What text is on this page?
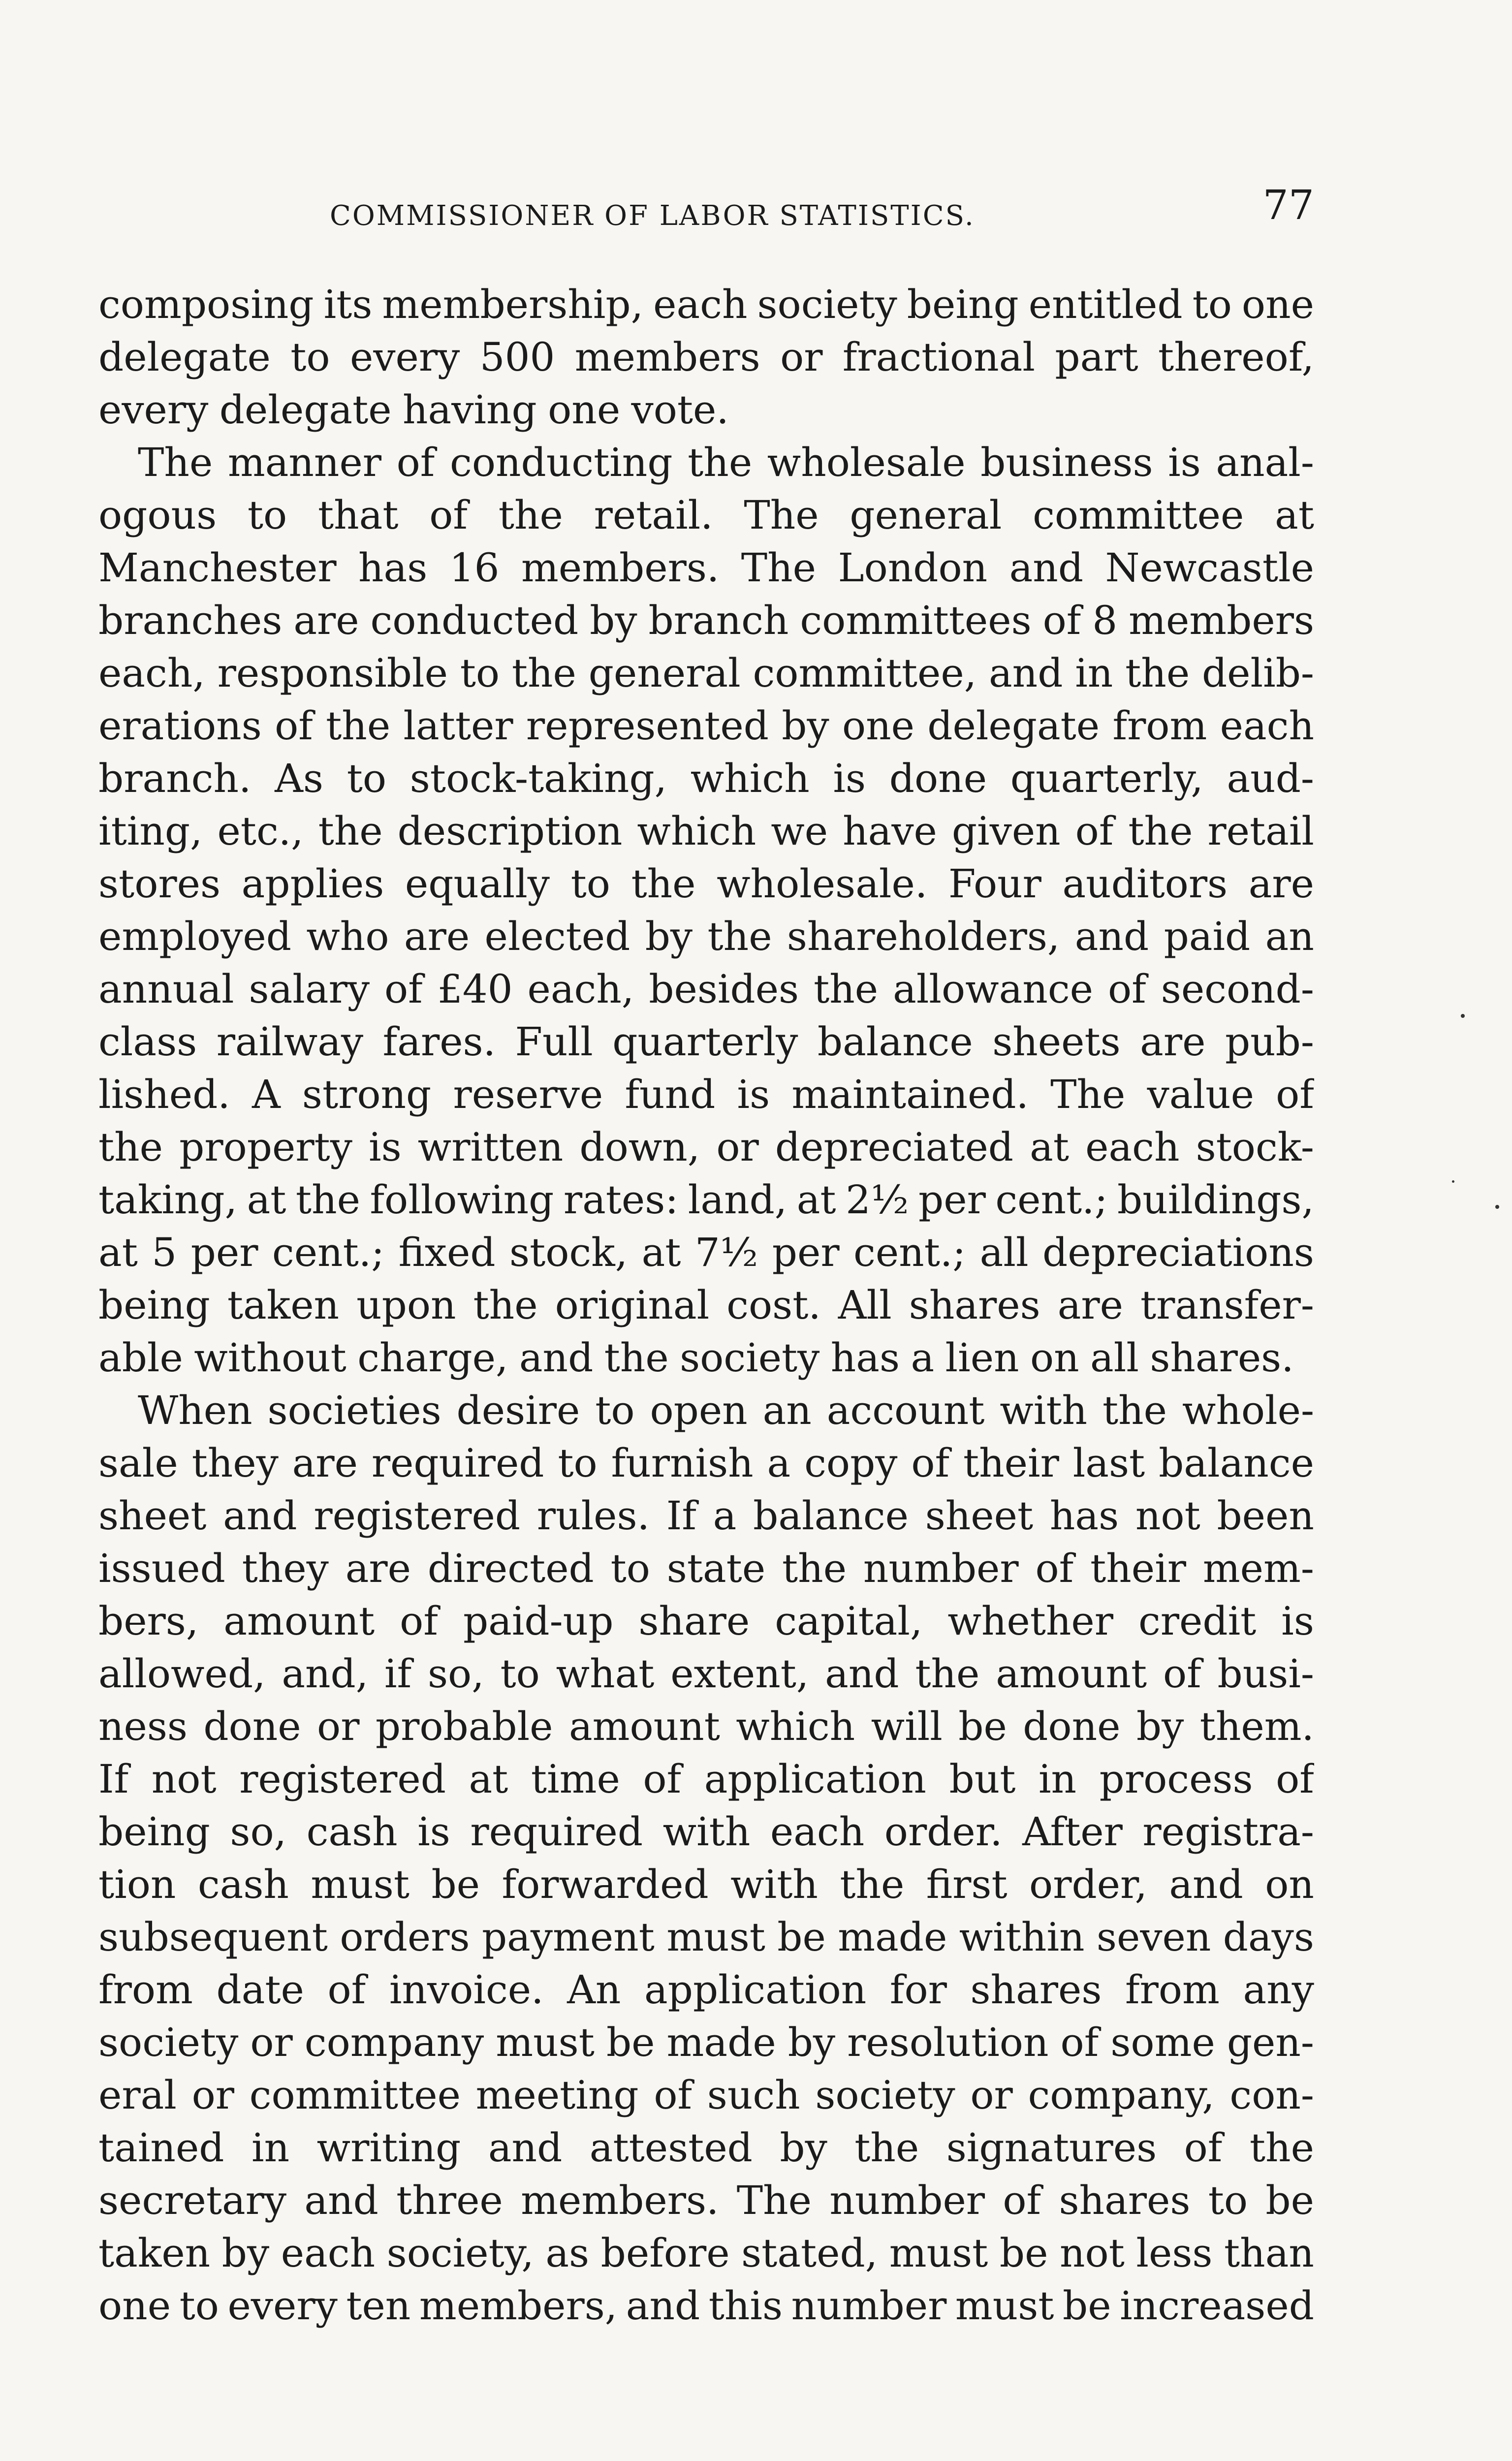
COMMISSIONER OF LABOR STATISTICS.	77
composing its membership, each society being entitled to one
delegate to every 500 members or fractional part thereof,
every delegate having one vote.
The manner of conducting the wholesale business is anal-
ogous to that of the retail. The general committee at
Manchester has 16 members. The London and Newcastle
branches are conducted by branch committees of 8 members
each, responsible to the general committee, and in the delib-
erations of the latter represented by one delegate from each
branch. As to stock-taking, which is done quarterly, aud-
iting, etc., the description which we have given of the retail
stores applies equally to the wholesale. Four auditors are
employed who are elected by the shareholders, and paid an
annual salary of £40 each, besides the allowance of second-
class railway fares. Full quarterly balance sheets are pub-
lished. A strong reserve fund is maintained. The value of
the property is written down, or depreciated at each stock-
taking, at the following rates: land, at 2½ per cent.; buildings,
at 5 per cent.; fixed stock, at 7½ per cent.; all depreciations
being taken upon the original cost. All shares are transfer-
able without charge, and the society has a lien on all shares.
When societies desire to open an account with the whole-
sale they are required to furnish a copy of their last balance
sheet and registered rules. If a balance sheet has not been
issued they are directed to state the number of their mem-
bers, amount of paid-up share capital, whether credit is
allowed, and, if so, to what extent, and the amount of busi-
ness done or probable amount which will be done by them.
If not registered at time of application but in process of
being so, cash is required with each order. After registra-
tion cash must be forwarded with the first order, and on
subsequent orders payment must be made within seven days
from date of invoice. An application for shares from any
society or company must be made by resolution of some gen-
eral or committee meeting of such society or company, con-
tained in writing and attested by the signatures of the
secretary and three members. The number of shares to be
taken by each society, as before stated, must be not less than
one to every ten members, and this number must be increased
